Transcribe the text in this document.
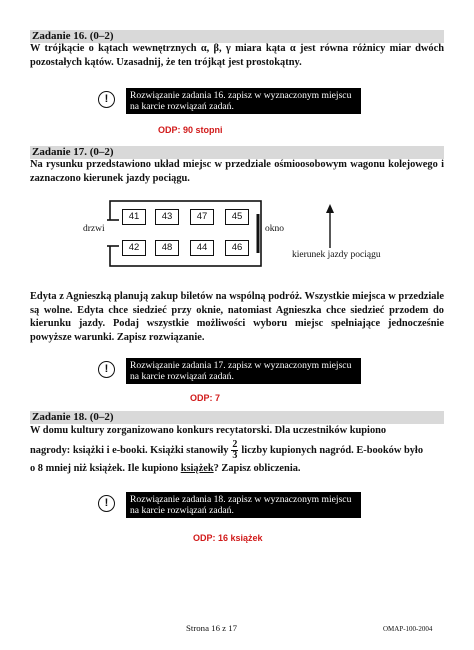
Zadanie 16. (0–2)
W trójkącie o kątach wewnętrznych α, β, γ miara kąta α jest równa różnicy miar dwóch pozostałych kątów. Uzasadnij, że ten trójkąt jest prostokątny.
!	Rozwiązanie zadania 16. zapisz w wyznaczonym miejscu na karcie rozwiązań zadań.
ODP: 90 stopni
Zadanie 17. (0–2)
Na rysunku przedstawiono układ miejsc w przedziale ośmioosobowym wagonu kolejowego i zaznaczono kierunek jazdy pociągu.
41	43	47	45
42	48	44	46
drzwi	okno
kierunek jazdy pociągu
Edyta z Agnieszką planują zakup biletów na wspólną podróż. Wszystkie miejsca w przedziale są wolne. Edyta chce siedzieć przy oknie, natomiast Agnieszka chce siedzieć przodem do kierunku jazdy. Podaj wszystkie możliwości wyboru miejsc spełniające jednocześnie powyższe warunki. Zapisz rozwiązanie.
!	Rozwiązanie zadania 17. zapisz w wyznaczonym miejscu na karcie rozwiązań zadań.
ODP: 7
Zadanie 18. (0–2)
W domu kultury zorganizowano konkurs recytatorski. Dla uczestników kupiono
nagrody: książki i e-booki. Książki stanowiły $\frac{2}{3}$ liczby kupionych nagród. E-booków było
o 8 mniej niż książek. Ile kupiono książek? Zapisz obliczenia.
!	Rozwiązanie zadania 18. zapisz w wyznaczonym miejscu na karcie rozwiązań zadań.
ODP: 16 książek
Strona 16 z 17	OMAP-100-2004
